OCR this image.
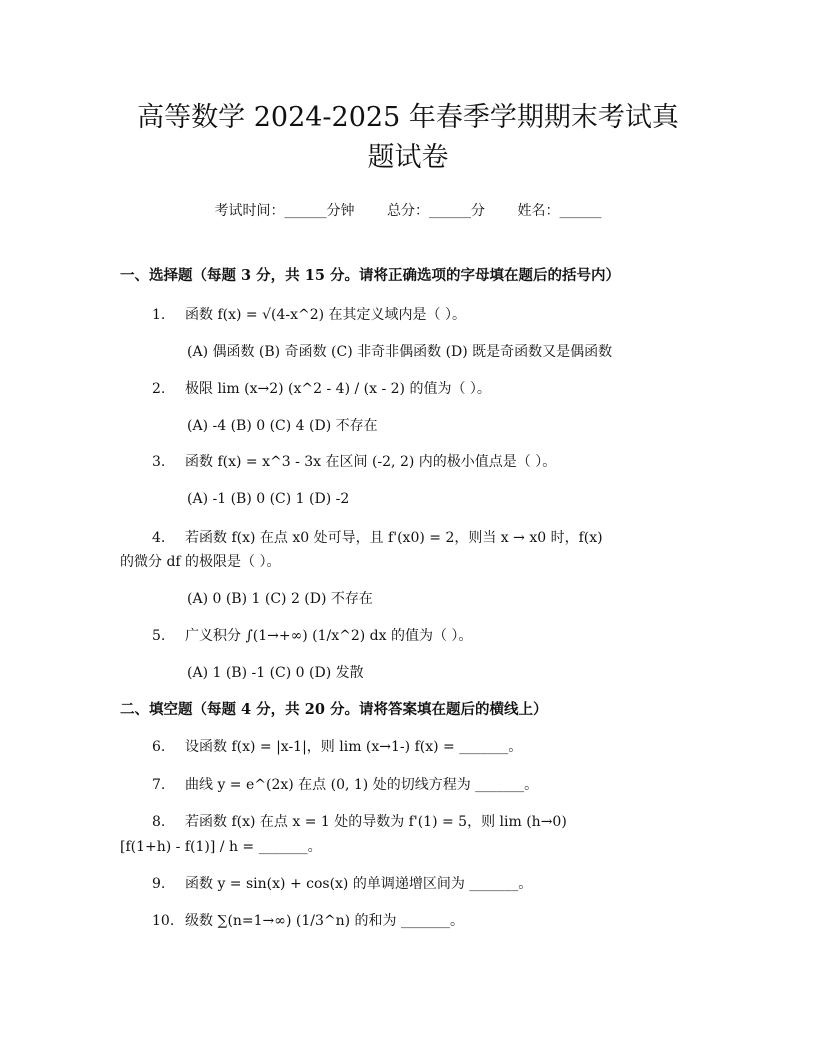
高等数学 2024-2025 年春季学期期末考试真
题试卷
考试时间：______分钟 总分：______分 姓名：______
一、选择题（每题 3 分，共 15 分。请将正确选项的字母填在题后的括号内）
1. 函数 f(x) = √(4-x^2) 在其定义域内是（ ）。
(A) 偶函数 (B) 奇函数 (C) 非奇非偶函数 (D) 既是奇函数又是偶函数
2. 极限 lim (x→2) (x^2 - 4) / (x - 2) 的值为（ ）。
(A) -4 (B) 0 (C) 4 (D) 不存在
3. 函数 f(x) = x^3 - 3x 在区间 (-2, 2) 内的极小值点是（ ）。
(A) -1 (B) 0 (C) 1 (D) -2
4. 若函数 f(x) 在点 x0 处可导，且 f'(x0) = 2，则当 x → x0 时，f(x)
的微分 df 的极限是（ ）。
(A) 0 (B) 1 (C) 2 (D) 不存在
5. 广义积分 ∫(1→+∞) (1/x^2) dx 的值为（ ）。
(A) 1 (B) -1 (C) 0 (D) 发散
二、填空题（每题 4 分，共 20 分。请将答案填在题后的横线上）
6. 设函数 f(x) = |x-1|，则 lim (x→1-) f(x) = _______。
7. 曲线 y = e^(2x) 在点 (0, 1) 处的切线方程为 _______。
8. 若函数 f(x) 在点 x = 1 处的导数为 f'(1) = 5，则 lim (h→0)
[f(1+h) - f(1)] / h = _______。
9. 函数 y = sin(x) + cos(x) 的单调递增区间为 _______。
10. 级数 ∑(n=1→∞) (1/3^n) 的和为 _______。
